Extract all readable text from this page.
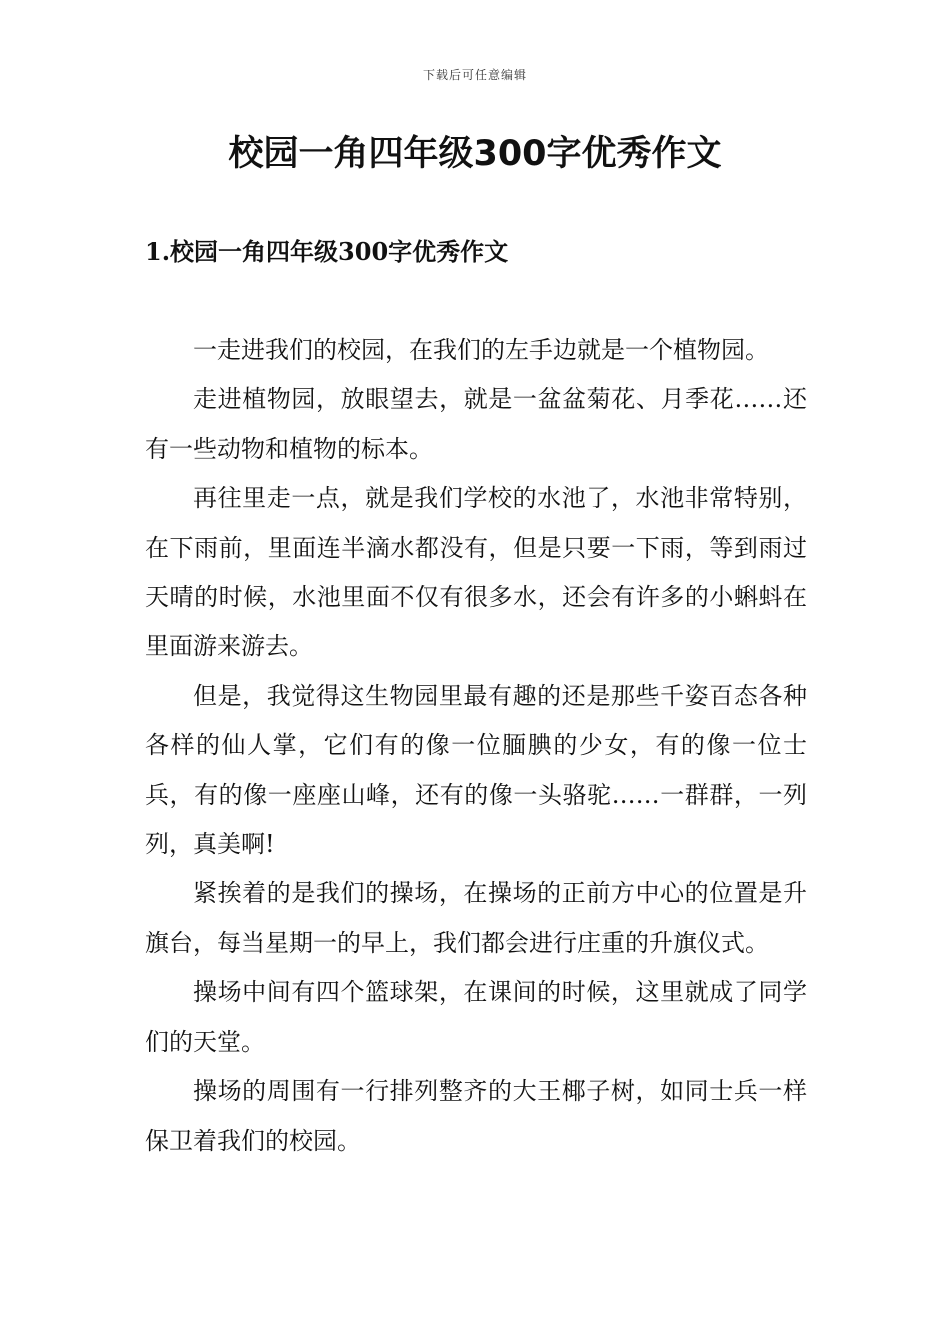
下载后可任意编辑
校园一角四年级300字优秀作文
1.校园一角四年级300字优秀作文

一走进我们的校园，在我们的左手边就是一个植物园。

走进植物园，放眼望去，就是一盆盆菊花、月季花……还有一些动物和植物的标本。

再往里走一点，就是我们学校的水池了，水池非常特别，在下雨前，里面连半滴水都没有，但是只要一下雨，等到雨过天晴的时候，水池里面不仅有很多水，还会有许多的小蝌蚪在里面游来游去。

但是，我觉得这生物园里最有趣的还是那些千姿百态各种各样的仙人掌，它们有的像一位腼腆的少女，有的像一位士兵，有的像一座座山峰，还有的像一头骆驼……一群群，一列列，真美啊!

紧挨着的是我们的操场，在操场的正前方中心的位置是升旗台，每当星期一的早上，我们都会进行庄重的升旗仪式。

操场中间有四个篮球架，在课间的时候，这里就成了同学们的天堂。

操场的周围有一行排列整齐的大王椰子树，如同士兵一样保卫着我们的校园。
